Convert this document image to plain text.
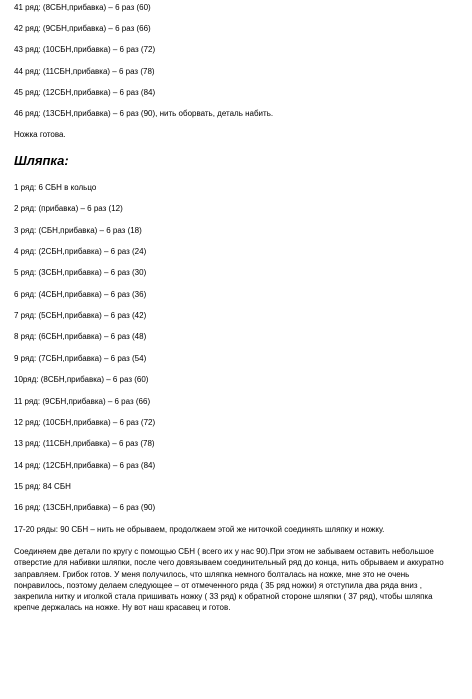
41 ряд: (8СБН,прибавка) – 6 раз (60)
42 ряд: (9СБН,прибавка) – 6 раз (66)
43 ряд: (10СБН,прибавка) – 6 раз (72)
44 ряд: (11СБН,прибавка) – 6 раз (78)
45 ряд: (12СБН,прибавка) – 6 раз (84)
46 ряд: (13СБН,прибавка) – 6 раз (90), нить оборвать, деталь набить.
Ножка готова.
Шляпка:
1 ряд: 6 СБН в кольцо
2 ряд: (прибавка) – 6 раз (12)
3 ряд: (СБН,прибавка) – 6 раз (18)
4 ряд: (2СБН,прибавка) – 6 раз (24)
5 ряд: (3СБН,прибавка) – 6 раз (30)
6 ряд: (4СБН,прибавка) – 6 раз (36)
7 ряд: (5СБН,прибавка) – 6 раз (42)
8 ряд: (6СБН,прибавка) – 6 раз (48)
9 ряд: (7СБН,прибавка) – 6 раз (54)
10ряд: (8СБН,прибавка) – 6 раз (60)
11 ряд: (9СБН,прибавка) – 6 раз (66)
12 ряд: (10СБН,прибавка) – 6 раз (72)
13 ряд: (11СБН,прибавка) – 6 раз (78)
14 ряд: (12СБН,прибавка) – 6 раз (84)
15 ряд: 84 СБН
16 ряд: (13СБН,прибавка) – 6 раз (90)
17-20 ряды: 90 СБН – нить не обрываем, продолжаем этой же ниточкой соединять шляпку и ножку.
Соединяем две детали по кругу с помощью СБН ( всего их у нас 90).При этом не забываем оставить небольшое отверстие для набивки шляпки, после чего довязываем соединительный ряд до конца, нить обрываем и аккуратно заправляем. Грибок готов. У меня получилось, что шляпка немного болталась на ножке, мне это не очень понравилось, поэтому делаем следующее – от отмеченного ряда ( 35 ряд ножки) я отступила два ряда вниз , закрепила нитку и иголкой стала пришивать ножку ( 33 ряд) к обратной стороне шляпки ( 37 ряд), чтобы шляпка крепче держалась на ножке. Ну вот наш красавец и готов.
